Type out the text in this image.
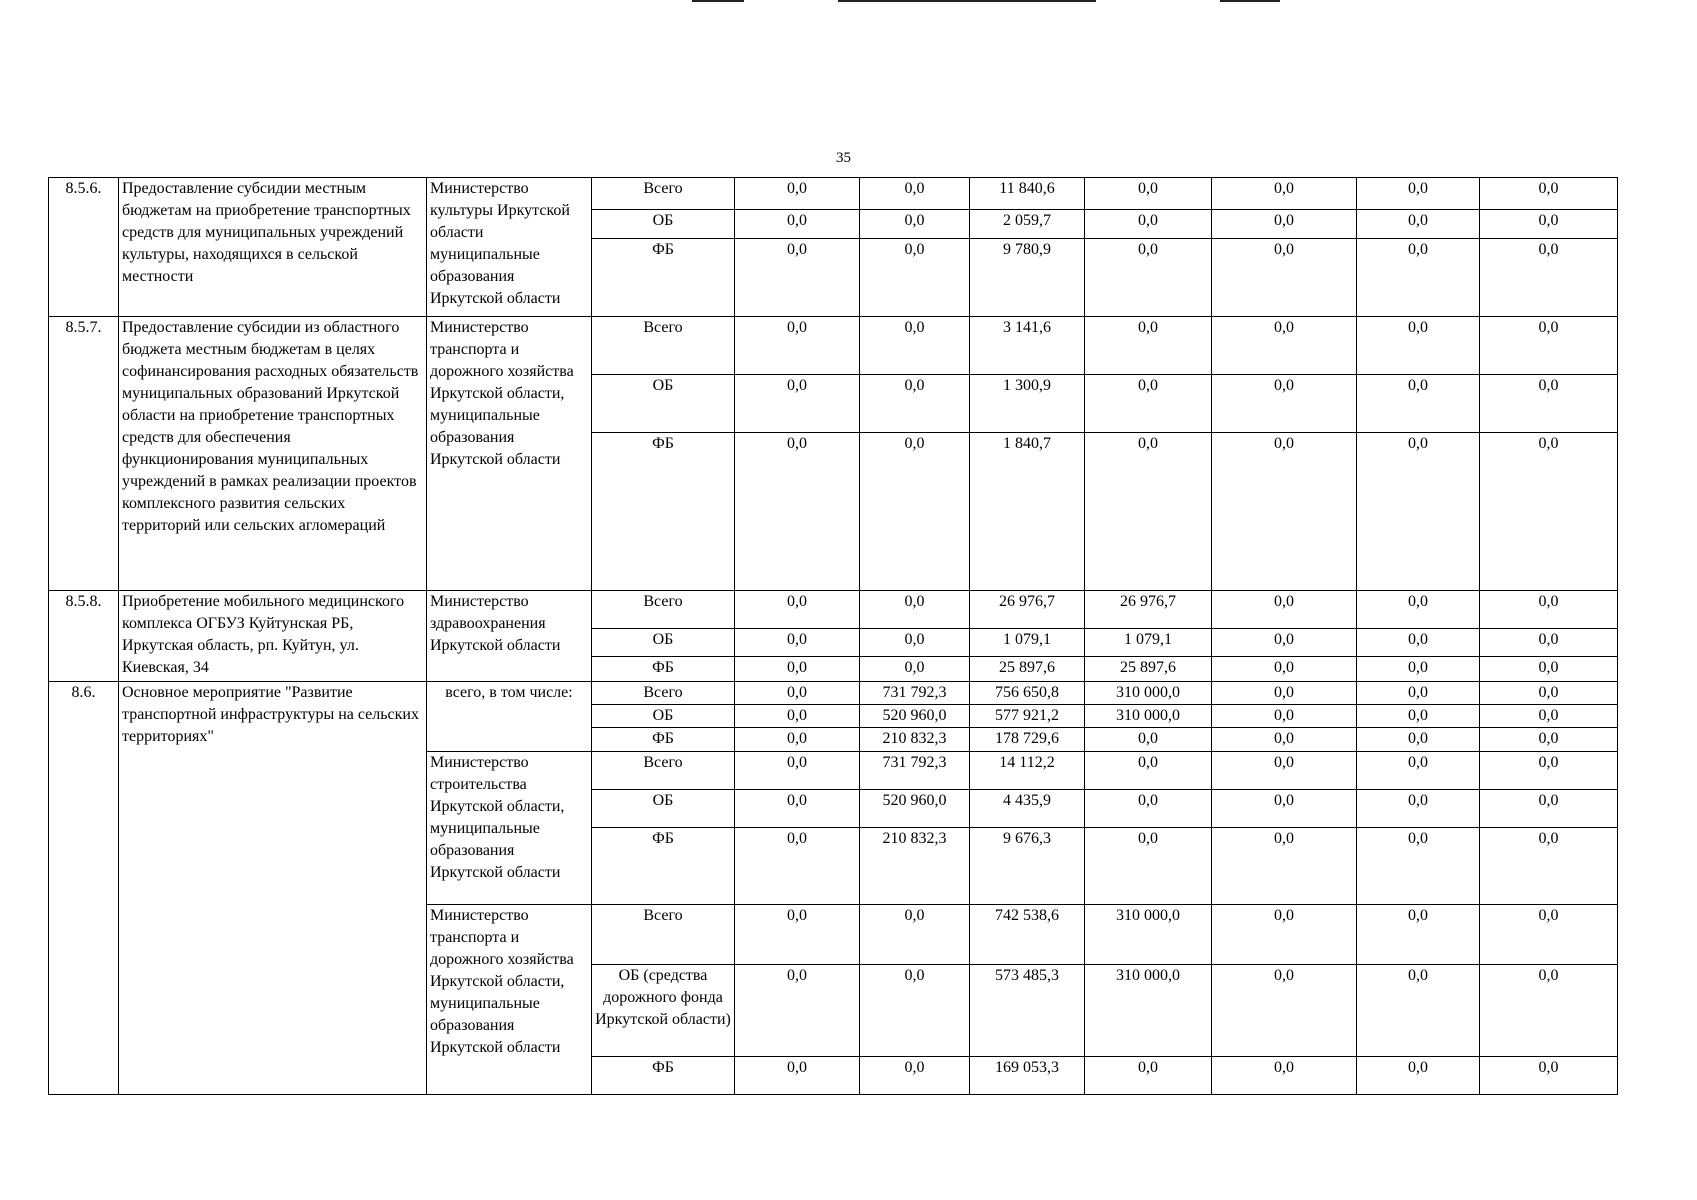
35
8.5.6.	Предоставление субсидии местным бюджетам на приобретение транспортных средств для муниципальных учреждений культуры, находящихся в сельской местности	Министерство культуры Иркутской области муниципальные образования Иркутской области	Всего	0,0	0,0	11 840,6	0,0	0,0	0,0	0,0
			ОБ	0,0	0,0	2 059,7	0,0	0,0	0,0	0,0
			ФБ	0,0	0,0	9 780,9	0,0	0,0	0,0	0,0
8.5.7.	Предоставление субсидии из областного бюджета местным бюджетам в целях софинансирования расходных обязательств муниципальных образований Иркутской области на приобретение транспортных средств для обеспечения функционирования муниципальных учреждений в рамках реализации проектов комплексного развития сельских территорий или сельских агломераций	Министерство транспорта и дорожного хозяйства Иркутской области, муниципальные образования Иркутской области	Всего	0,0	0,0	3 141,6	0,0	0,0	0,0	0,0
			ОБ	0,0	0,0	1 300,9	0,0	0,0	0,0	0,0
			ФБ	0,0	0,0	1 840,7	0,0	0,0	0,0	0,0
8.5.8.	Приобретение мобильного медицинского комплекса ОГБУЗ Куйтунская РБ, Иркутская область, рп. Куйтун, ул. Киевская, 34	Министерство здравоохранения Иркутской области	Всего	0,0	0,0	26 976,7	26 976,7	0,0	0,0	0,0
			ОБ	0,0	0,0	1 079,1	1 079,1	0,0	0,0	0,0
			ФБ	0,0	0,0	25 897,6	25 897,6	0,0	0,0	0,0
8.6.	Основное мероприятие "Развитие транспортной инфраструктуры на сельских территориях"	всего, в том числе:	Всего	0,0	731 792,3	756 650,8	310 000,0	0,0	0,0	0,0
			ОБ	0,0	520 960,0	577 921,2	310 000,0	0,0	0,0	0,0
			ФБ	0,0	210 832,3	178 729,6	0,0	0,0	0,0	0,0
		Министерство строительства Иркутской области, муниципальные образования Иркутской области	Всего	0,0	731 792,3	14 112,2	0,0	0,0	0,0	0,0
			ОБ	0,0	520 960,0	4 435,9	0,0	0,0	0,0	0,0
			ФБ	0,0	210 832,3	9 676,3	0,0	0,0	0,0	0,0
		Министерство транспорта и дорожного хозяйства Иркутской области, муниципальные образования Иркутской области	Всего	0,0	0,0	742 538,6	310 000,0	0,0	0,0	0,0
			ОБ (средства дорожного фонда Иркутской области)	0,0	0,0	573 485,3	310 000,0	0,0	0,0	0,0
			ФБ	0,0	0,0	169 053,3	0,0	0,0	0,0	0,0
